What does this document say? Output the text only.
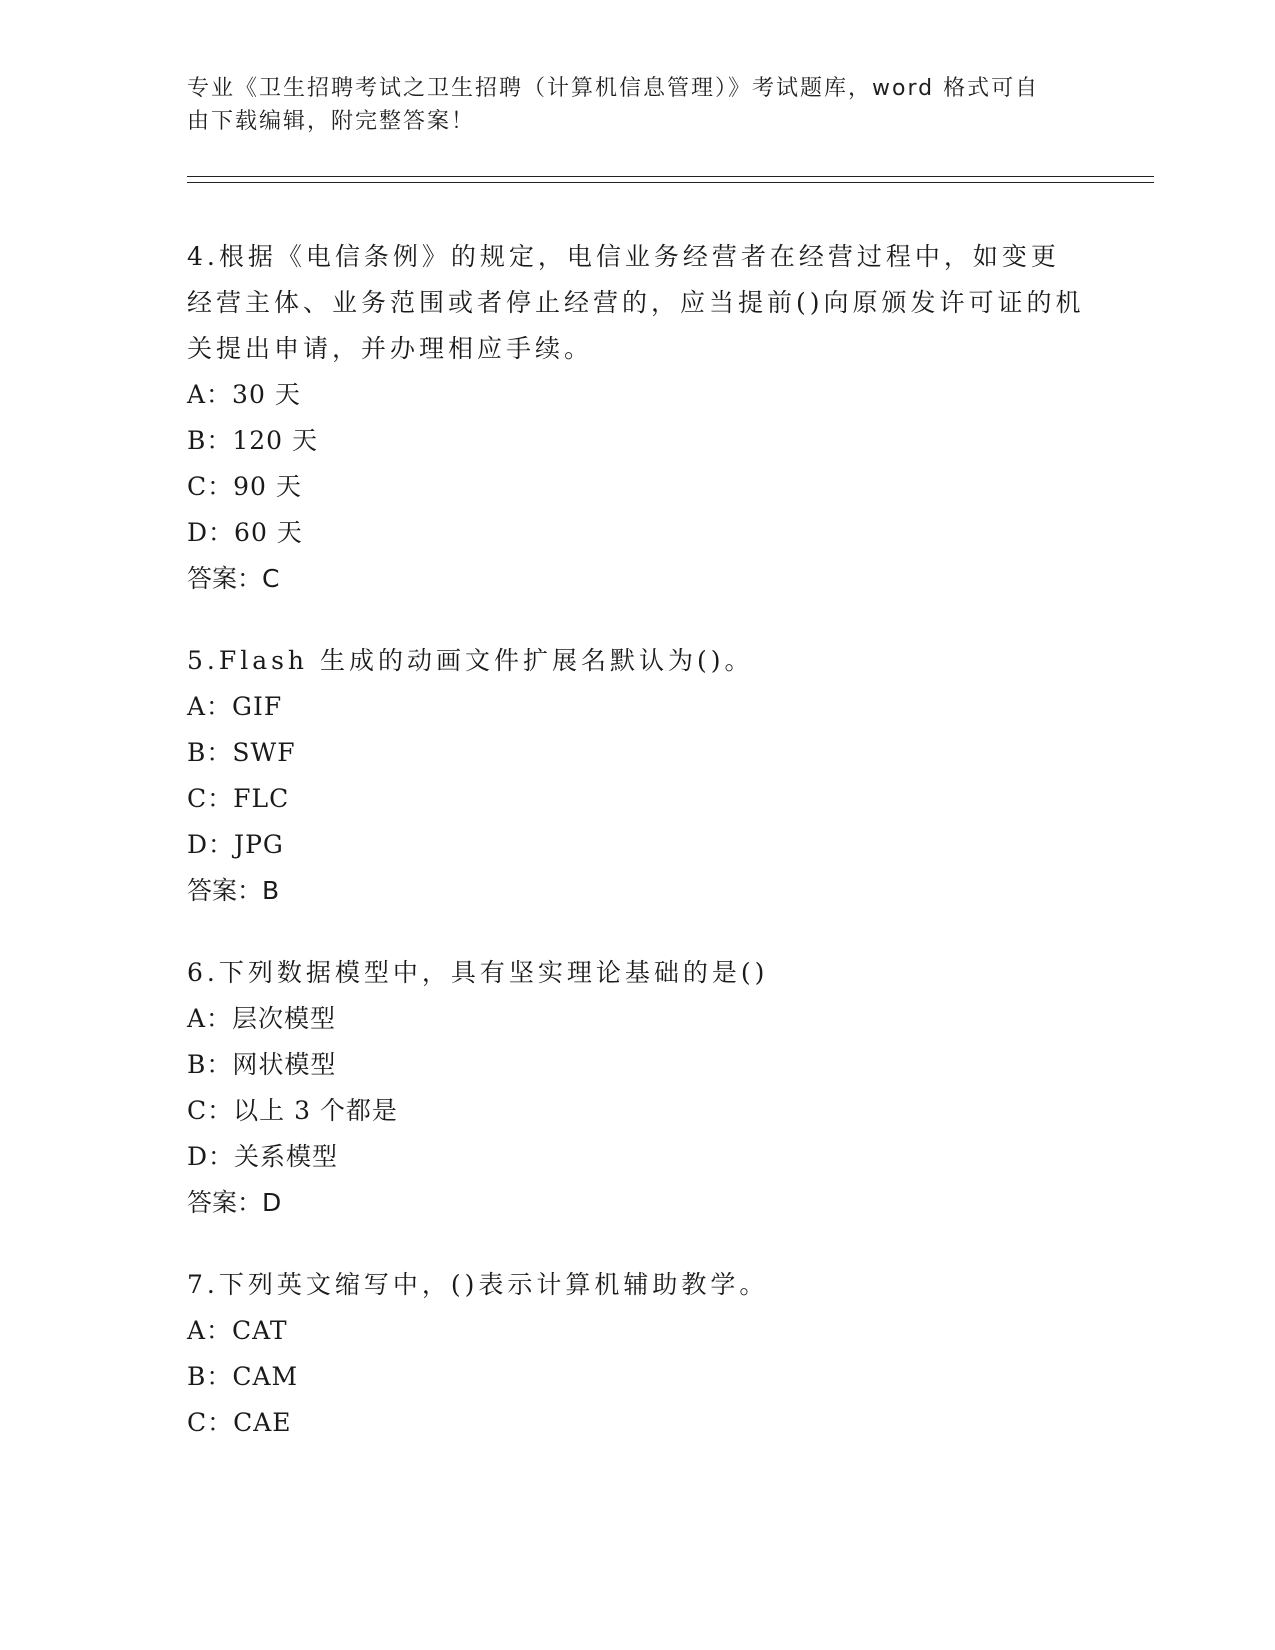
专业《卫生招聘考试之卫生招聘（计算机信息管理）》考试题库，word 格式可自
由下载编辑，附完整答案！

4.根据《电信条例》的规定，电信业务经营者在经营过程中，如变更经营主体、业务范围或者停止经营的，应当提前()向原颁发许可证的机关提出申请，并办理相应手续。

A：30 天

B：120 天

C：90 天

D：60 天

答案：C

5.Flash 生成的动画文件扩展名默认为()。

A：GIF

B：SWF

C：FLC

D：JPG

答案：B

6.下列数据模型中，具有坚实理论基础的是()

A：层次模型

B：网状模型

C：以上 3 个都是

D：关系模型

答案：D

7.下列英文缩写中，()表示计算机辅助教学。

A：CAT

B：CAM

C：CAE
